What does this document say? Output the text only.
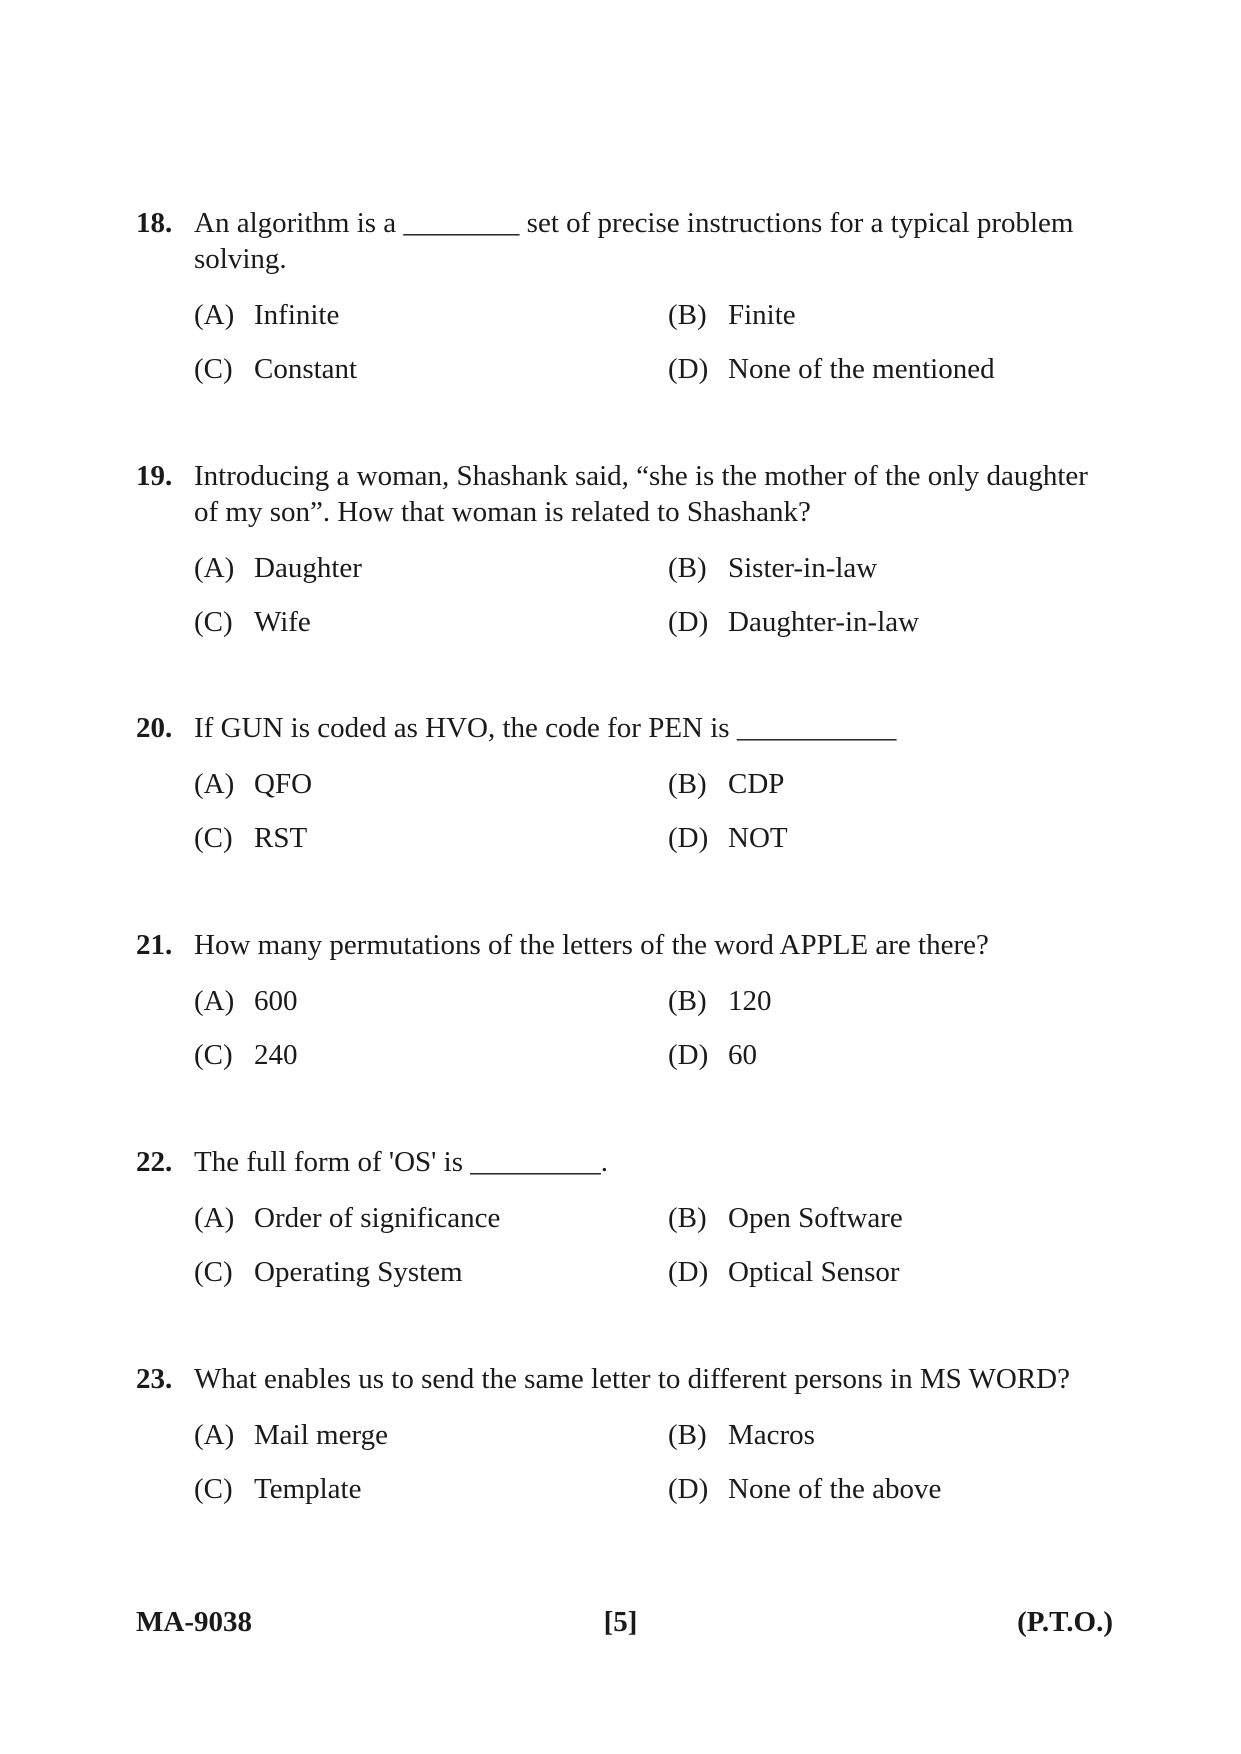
18. An algorithm is a ________ set of precise instructions for a typical problem solving.
(A) Infinite	(B) Finite
(C) Constant	(D) None of the mentioned
19. Introducing a woman, Shashank said, “she is the mother of the only daughter of my son”. How that woman is related to Shashank?
(A) Daughter	(B) Sister-in-law
(C) Wife	(D) Daughter-in-law
20. If GUN is coded as HVO, the code for PEN is ___________
(A) QFO	(B) CDP
(C) RST	(D) NOT
21. How many permutations of the letters of the word APPLE are there?
(A) 600	(B) 120
(C) 240	(D) 60
22. The full form of 'OS' is _________.
(A) Order of significance	(B) Open Software
(C) Operating System	(D) Optical Sensor
23. What enables us to send the same letter to different persons in MS WORD?
(A) Mail merge	(B) Macros
(C) Template	(D) None of the above
MA-9038	[5]	(P.T.O.)
